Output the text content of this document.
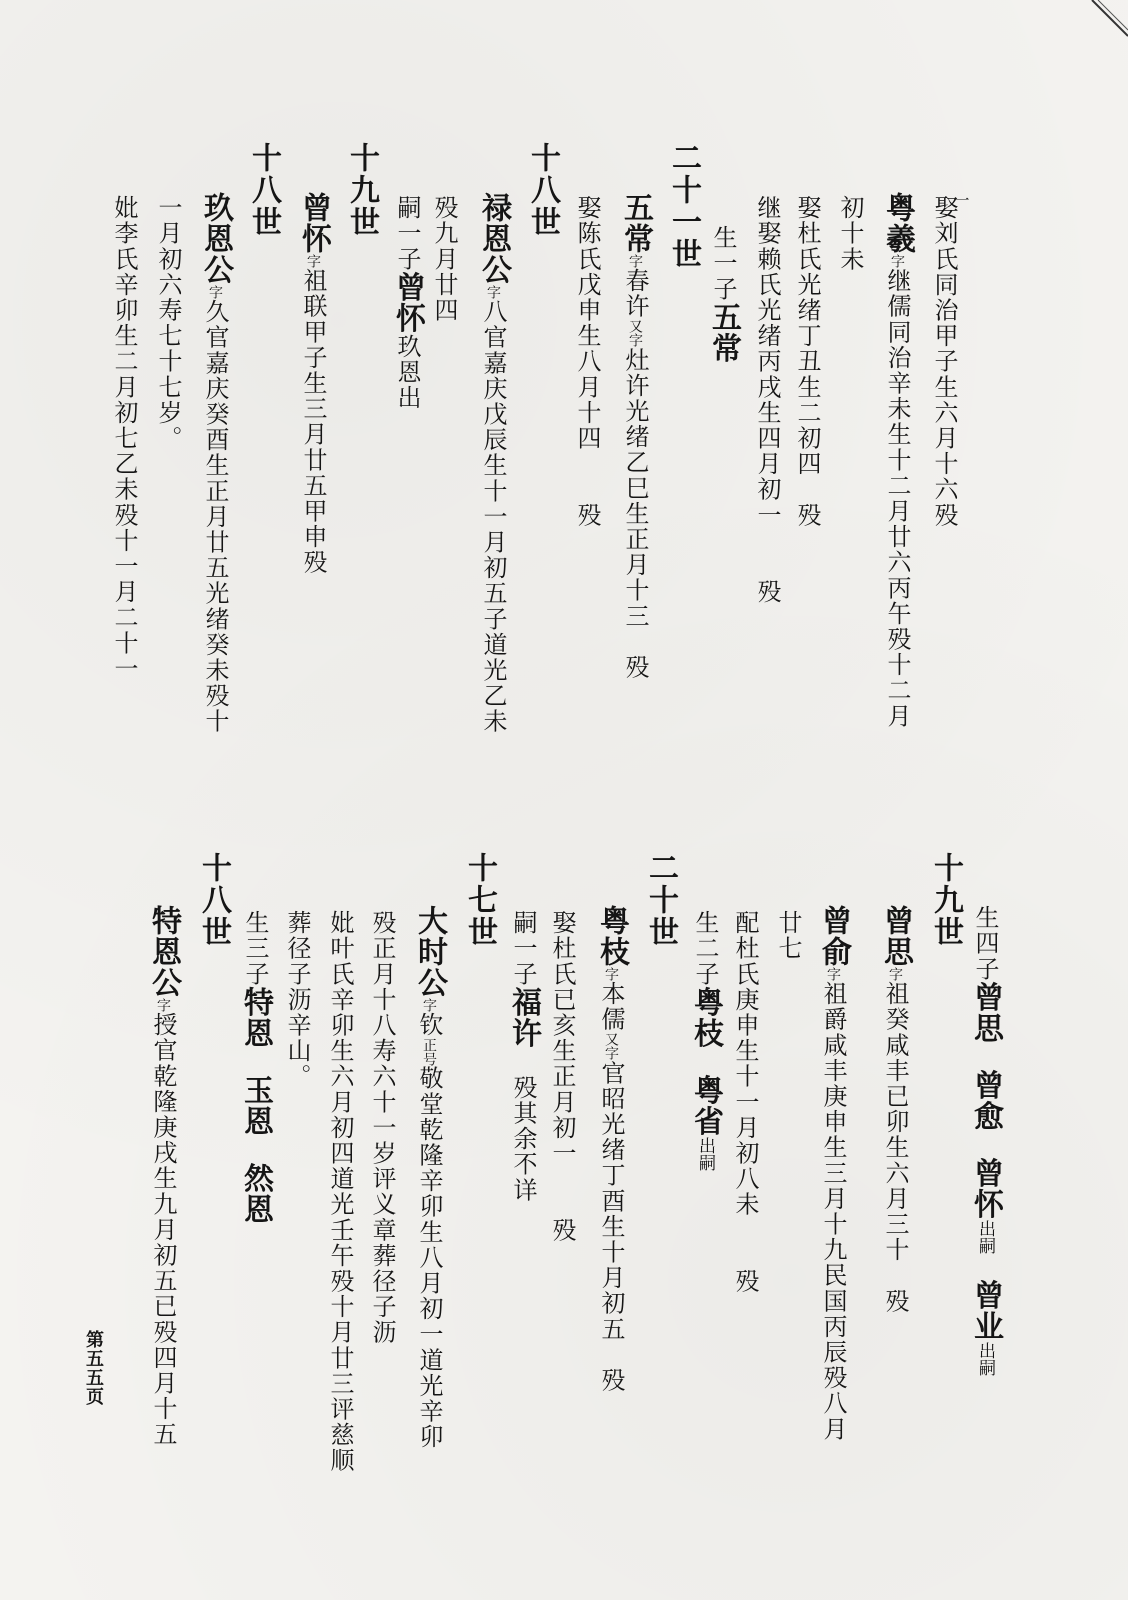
一
娶刘氏同治甲子生六月十六殁
粤羲字继儒同治辛未生十二月廿六丙午殁十二月
初十未
娶杜氏光绪丁丑生二初四　殁
继娶赖氏光绪丙戌生四月初一　　殁
生一子五常
二十一世
五常字春许又字灶许光绪乙巳生正月十三　殁
娶陈氏戊申生八月十四　　殁
十八世
禄恩公字八官嘉庆戊辰生十一月初五子道光乙未
殁九月廿四
嗣一子曾怀玖恩出
十九世
曾怀字祖联甲子生三月廿五甲申殁
十八世
玖恩公字久官嘉庆癸酉生正月廿五光绪癸未殁十
一月初六寿七十七岁。
妣李氏辛卯生二月初七乙未殁十一月二十一
生四子曾思曾愈曾怀出嗣曾业出嗣
十九世
曾思字祖癸咸丰已卯生六月三十　殁
曾俞字祖爵咸丰庚申生三月十九民国丙辰殁八月
廿七
配杜氏庚申生十一月初八未　　殁
生二子粤枝粤省出嗣
二十世
粤枝字本儒又字官昭光绪丁酉生十月初五　殁
娶杜氏已亥生正月初一　　殁
嗣一子福许殁其余不详
十七世
大时公字钦正号敬堂乾隆辛卯生八月初一道光辛卯
殁正月十八寿六十一岁评义章葬径子沥
妣叶氏辛卯生六月初四道光壬午殁十月廿三评慈顺
葬径子沥辛山。
生三子特恩玉恩然恩
十八世
特恩公字授官乾隆庚戌生九月初五已殁四月十五
第五五页
